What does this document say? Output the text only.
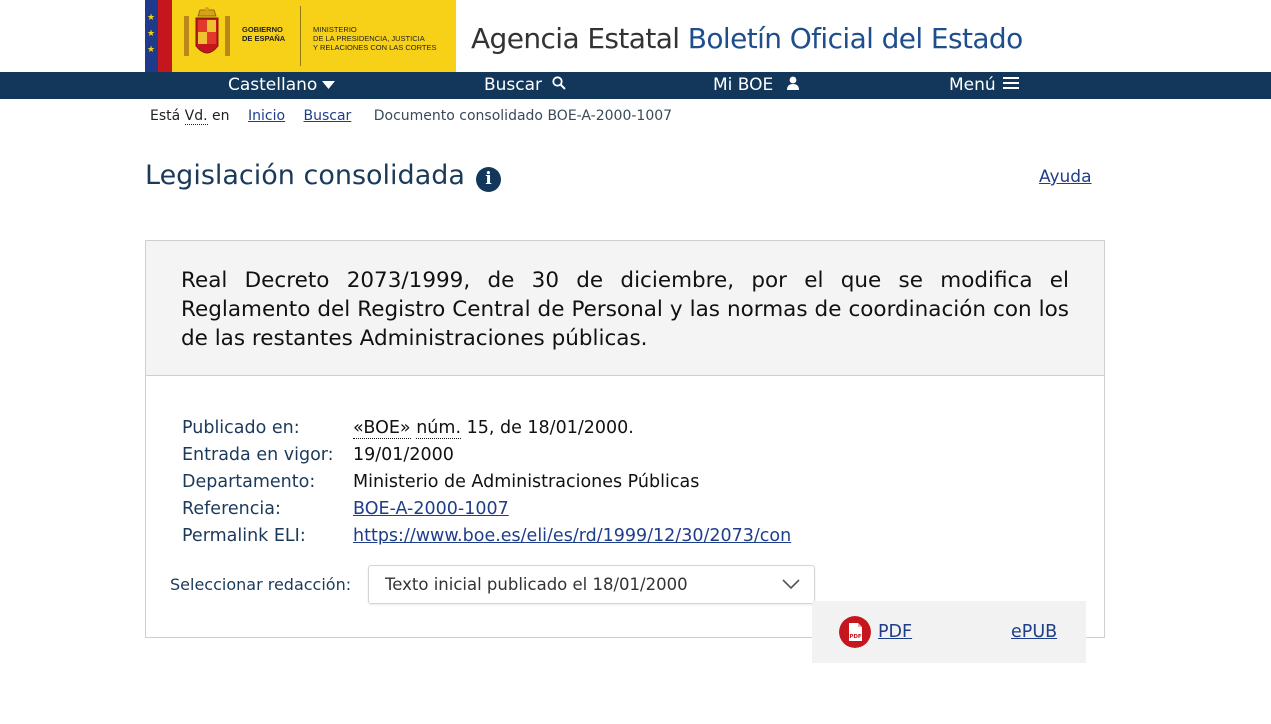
★
★
★
GOBIERNO
DE ESPAÑA
MINISTERIO
DE LA PRESIDENCIA, JUSTICIA
Y RELACIONES CON LAS CORTES Agencia Estatal Boletín Oficial del Estado
Castellano	Buscar	Mi BOE	Menú
Está Vd. en Inicio Buscar Documento consolidado BOE-A-2000-1007
Legislación consolidada	i	Ayuda
Real Decreto 2073/1999, de 30 de diciembre, por el que se modifica el Reglamento del Registro Central de Personal y las normas de coordinación con los de las restantes Administraciones públicas.
Publicado en:	«BOE» núm. 15, de 18/01/2000.
Entrada en vigor:	19/01/2000
Departamento:	Ministerio de Administraciones Públicas
Referencia:	BOE-A-2000-1007
Permalink ELI:	https://www.boe.es/eli/es/rd/1999/12/30/2073/con
Seleccionar redacción: Texto inicial publicado el 18/01/2000
PDF PDF	ePUB
